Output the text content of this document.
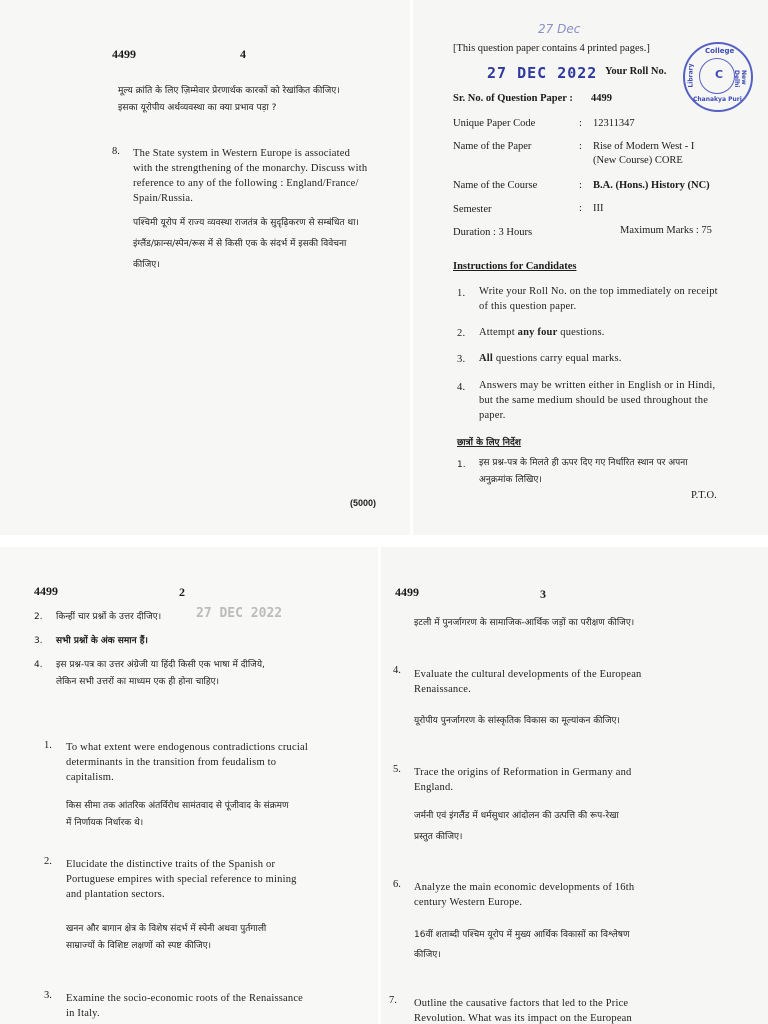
4499	4
मूल्य क्रांति के लिए ज़िम्मेवार प्रेरणार्थक कारकों को रेखांकित कीजिए। इसका यूरोपीय अर्थव्यवस्था का क्या प्रभाव पड़ा ?
8. The State system in Western Europe is associated
with the strengthening of the monarchy. Discuss with
reference to any of the following : England/France/
Spain/Russia.
पश्चिमी यूरोप में राज्य व्यवस्था राजतंत्र के सुदृढ़िकरण से सम्बंधित था।
इंग्लैंड/फ्रान्स/स्पेन/रूस में से किसी एक के संदर्भ में इसकी विवेचना
कीजिए।
(5000)
27 Dec
[This question paper contains 4 printed pages.]
27 DEC 2022 Your Roll No.
College
C	New Delhi
Library
Chanakya Puri
Sr. No. of Question Paper : 4499
Unique Paper Code	: 12311347
Name of the Paper	: Rise of Modern West - I
(New Course) CORE
Name of the Course	: B.A. (Hons.) History (NC)
Semester	: III
Duration : 3 Hours	Maximum Marks : 75
Instructions for Candidates
1. Write your Roll No. on the top immediately on receipt
of this question paper.
2. Attempt any four questions.
3. All questions carry equal marks.
4. Answers may be written either in English or in Hindi,
but the same medium should be used throughout the
paper.
छात्रों के लिए निर्देश
1. इस प्रश्न-पत्र के मिलते ही ऊपर दिए गए निर्धारित स्थान पर अपना
अनुक्रमांक लिखिए।
P.T.O.
4499	2
27 DEC 2022
2. किन्हीं चार प्रश्नों के उत्तर दीजिए।
3. सभी प्रश्नों के अंक समान हैं।
4. इस प्रश्न-पत्र का उत्तर अंग्रेजी या हिंदी किसी एक भाषा में दीजिये,
लेकिन सभी उत्तरों का माध्यम एक ही होना चाहिए।
1. To what extent were endogenous contradictions crucial
determinants in the transition from feudalism to
capitalism.
किस सीमा तक आंतरिक अंतर्विरोध सामंतवाद से पूंजीवाद के संक्रमण
में निर्णायक निर्धारक थे।
2. Elucidate the distinctive traits of the Spanish or
Portuguese empires with special reference to mining
and plantation sectors.
खनन और बागान क्षेत्र के विशेष संदर्भ में स्पेनी अथवा पुर्तगाली
साम्राज्यों के विशिष्ट लक्षणों को स्पष्ट कीजिए।
3. Examine the socio-economic roots of the Renaissance
in Italy.
4499	3
इटली में पुनर्जागरण के सामाजिक-आर्थिक जड़ों का परीक्षण कीजिए।
4. Evaluate the cultural developments of the European
Renaissance.
यूरोपीय पुनर्जागरण के सांस्कृतिक विकास का मूल्यांकन कीजिए।
5. Trace the origins of Reformation in Germany and
England.
जर्मनी एवं इंगलैंड में धर्मसुधार आंदोलन की उत्पत्ति की रूप-रेखा
प्रस्तुत कीजिए।
6. Analyze the main economic developments of 16th
century Western Europe.
16वीं शताब्दी पश्चिम यूरोप में मुख्य आर्थिक विकासों का विश्लेषण
कीजिए।
7. Outline the causative factors that led to the Price
Revolution. What was its impact on the European
